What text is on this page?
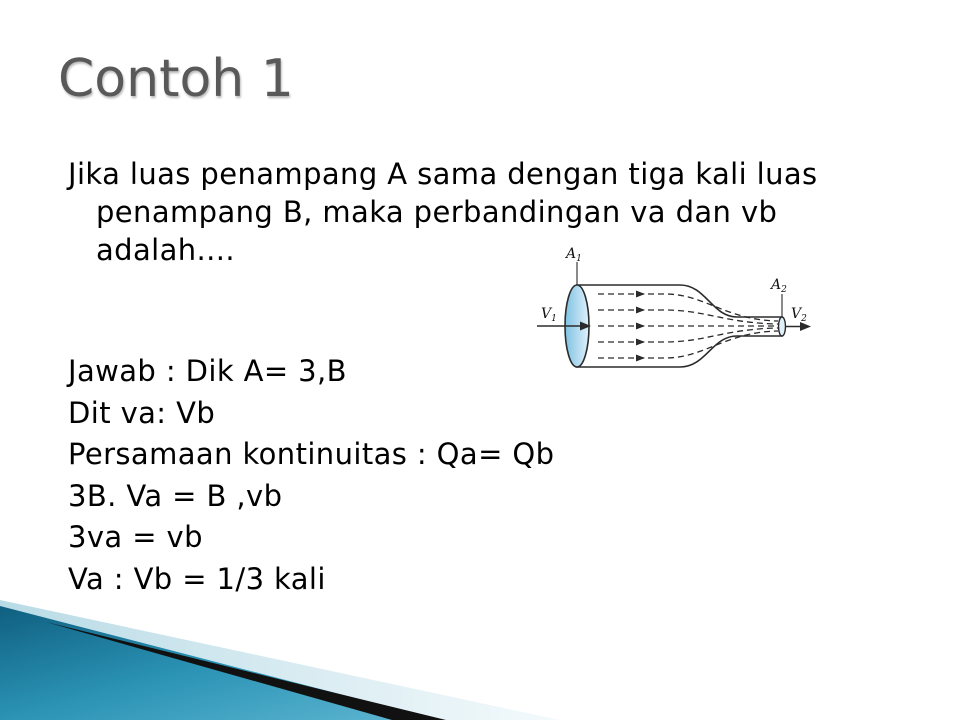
Contoh 1
Jika luas penampang A sama dengan tiga kali luas
penampang B, maka perbandingan va dan vb
adalah....
Jawab : Dik A= 3,B
Dit va: Vb
Persamaan kontinuitas : Qa= Qb
3B. Va = B ,vb
3va = vb
Va : Vb = 1/3 kali
$A_1$
$A_2$
$V_1$	$V_2$
